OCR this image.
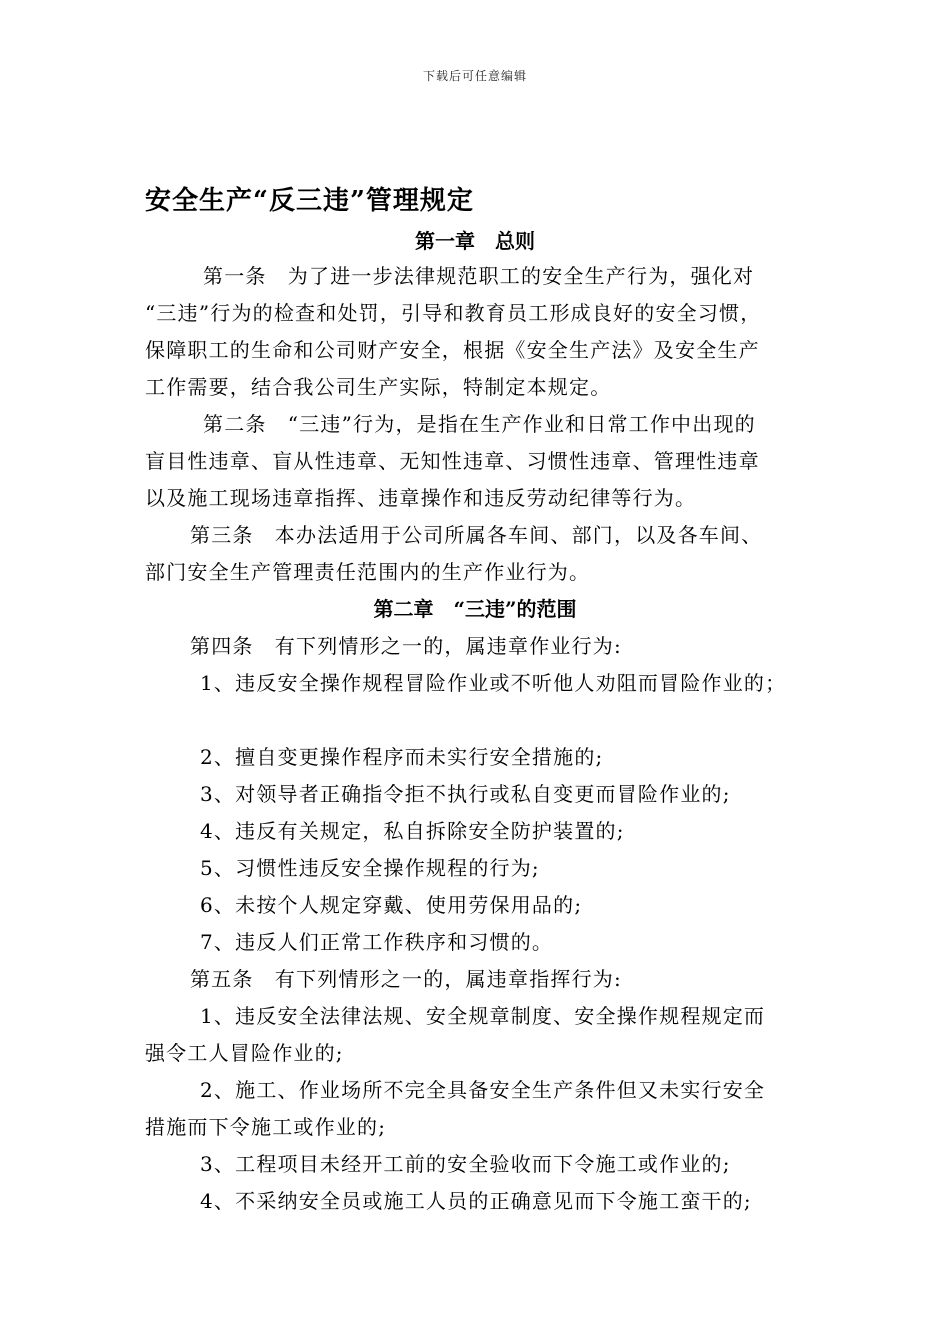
下载后可任意编辑
安全生产“反三违”管理规定
第一章　总则
第一条　为了进一步法律规范职工的安全生产行为，强化对
“三违”行为的检查和处罚，引导和教育员工形成良好的安全习惯，
保障职工的生命和公司财产安全，根据《安全生产法》及安全生产
工作需要，结合我公司生产实际，特制定本规定。
第二条　“三违”行为，是指在生产作业和日常工作中出现的
盲目性违章、盲从性违章、无知性违章、习惯性违章、管理性违章
以及施工现场违章指挥、违章操作和违反劳动纪律等行为。
第三条　本办法适用于公司所属各车间、部门，以及各车间、
部门安全生产管理责任范围内的生产作业行为。
第二章　“三违”的范围
第四条　有下列情形之一的，属违章作业行为:
1、违反安全操作规程冒险作业或不听他人劝阻而冒险作业的；
2、擅自变更操作程序而未实行安全措施的;
3、对领导者正确指令拒不执行或私自变更而冒险作业的;
4、违反有关规定，私自拆除安全防护装置的;
5、习惯性违反安全操作规程的行为;
6、未按个人规定穿戴、使用劳保用品的;
7、违反人们正常工作秩序和习惯的。
第五条　有下列情形之一的，属违章指挥行为:
1、违反安全法律法规、安全规章制度、安全操作规程规定而
强令工人冒险作业的;
2、施工、作业场所不完全具备安全生产条件但又未实行安全
措施而下令施工或作业的;
3、工程项目未经开工前的安全验收而下令施工或作业的;
4、不采纳安全员或施工人员的正确意见而下令施工蛮干的;
